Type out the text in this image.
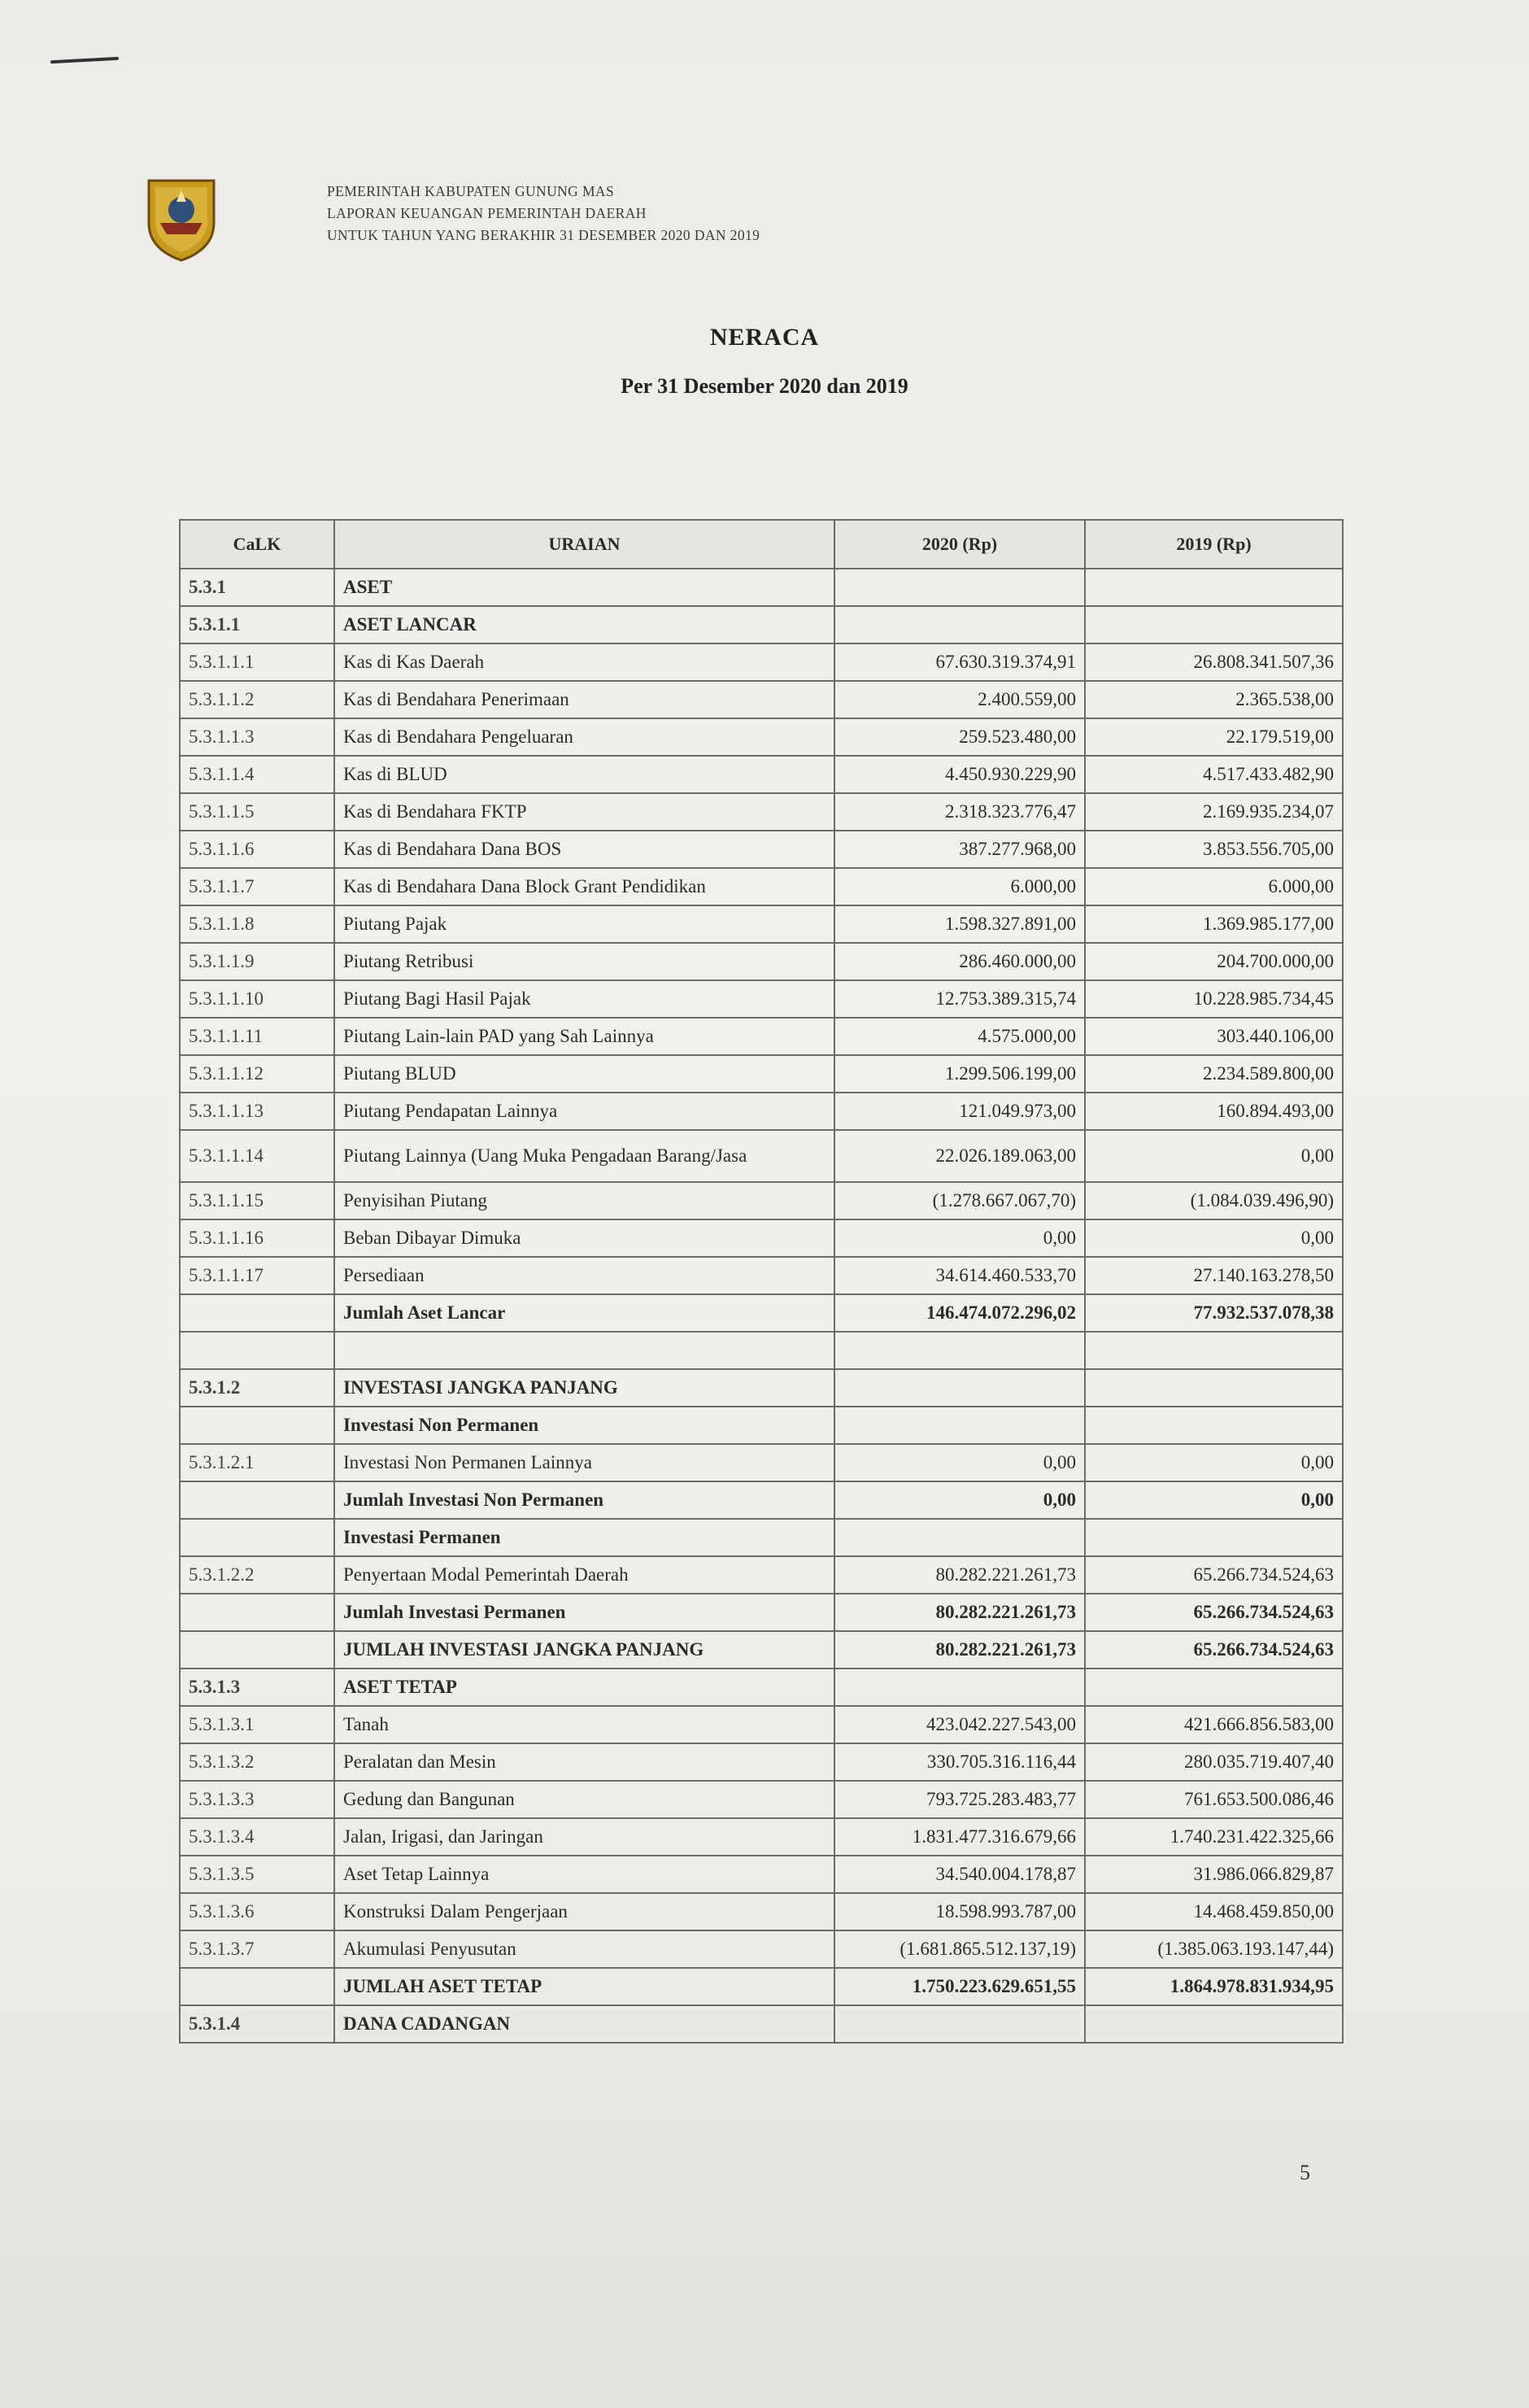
PEMERINTAH KABUPATEN GUNUNG MAS
LAPORAN KEUANGAN PEMERINTAH DAERAH
UNTUK TAHUN YANG BERAKHIR 31 DESEMBER 2020 DAN 2019
NERACA
Per 31 Desember 2020 dan 2019
CaLK	URAIAN	2020 (Rp)	2019 (Rp)
5.3.1	ASET		
5.3.1.1	ASET LANCAR		
5.3.1.1.1	Kas di Kas Daerah	67.630.319.374,91	26.808.341.507,36
5.3.1.1.2	Kas di Bendahara Penerimaan	2.400.559,00	2.365.538,00
5.3.1.1.3	Kas di Bendahara Pengeluaran	259.523.480,00	22.179.519,00
5.3.1.1.4	Kas di BLUD	4.450.930.229,90	4.517.433.482,90
5.3.1.1.5	Kas di Bendahara FKTP	2.318.323.776,47	2.169.935.234,07
5.3.1.1.6	Kas di Bendahara Dana BOS	387.277.968,00	3.853.556.705,00
5.3.1.1.7	Kas di Bendahara Dana Block Grant Pendidikan	6.000,00	6.000,00
5.3.1.1.8	Piutang Pajak	1.598.327.891,00	1.369.985.177,00
5.3.1.1.9	Piutang Retribusi	286.460.000,00	204.700.000,00
5.3.1.1.10	Piutang Bagi Hasil Pajak	12.753.389.315,74	10.228.985.734,45
5.3.1.1.11	Piutang Lain-lain PAD yang Sah Lainnya	4.575.000,00	303.440.106,00
5.3.1.1.12	Piutang BLUD	1.299.506.199,00	2.234.589.800,00
5.3.1.1.13	Piutang Pendapatan Lainnya	121.049.973,00	160.894.493,00
5.3.1.1.14	Piutang Lainnya (Uang Muka Pengadaan Barang/Jasa	22.026.189.063,00	0,00
5.3.1.1.15	Penyisihan Piutang	(1.278.667.067,70)	(1.084.039.496,90)
5.3.1.1.16	Beban Dibayar Dimuka	0,00	0,00
5.3.1.1.17	Persediaan	34.614.460.533,70	27.140.163.278,50
	Jumlah Aset Lancar	146.474.072.296,02	77.932.537.078,38

5.3.1.2	INVESTASI JANGKA PANJANG		
	Investasi Non Permanen		
5.3.1.2.1	Investasi Non Permanen Lainnya	0,00	0,00
	Jumlah Investasi Non Permanen	0,00	0,00
	Investasi Permanen		
5.3.1.2.2	Penyertaan Modal Pemerintah Daerah	80.282.221.261,73	65.266.734.524,63
	Jumlah Investasi Permanen	80.282.221.261,73	65.266.734.524,63
	JUMLAH INVESTASI JANGKA PANJANG	80.282.221.261,73	65.266.734.524,63
5.3.1.3	ASET TETAP		
5.3.1.3.1	Tanah	423.042.227.543,00	421.666.856.583,00
5.3.1.3.2	Peralatan dan Mesin	330.705.316.116,44	280.035.719.407,40
5.3.1.3.3	Gedung dan Bangunan	793.725.283.483,77	761.653.500.086,46
5.3.1.3.4	Jalan, Irigasi, dan Jaringan	1.831.477.316.679,66	1.740.231.422.325,66
5.3.1.3.5	Aset Tetap Lainnya	34.540.004.178,87	31.986.066.829,87
5.3.1.3.6	Konstruksi Dalam Pengerjaan	18.598.993.787,00	14.468.459.850,00
5.3.1.3.7	Akumulasi Penyusutan	(1.681.865.512.137,19)	(1.385.063.193.147,44)
	JUMLAH ASET TETAP	1.750.223.629.651,55	1.864.978.831.934,95
5.3.1.4	DANA CADANGAN		
5
